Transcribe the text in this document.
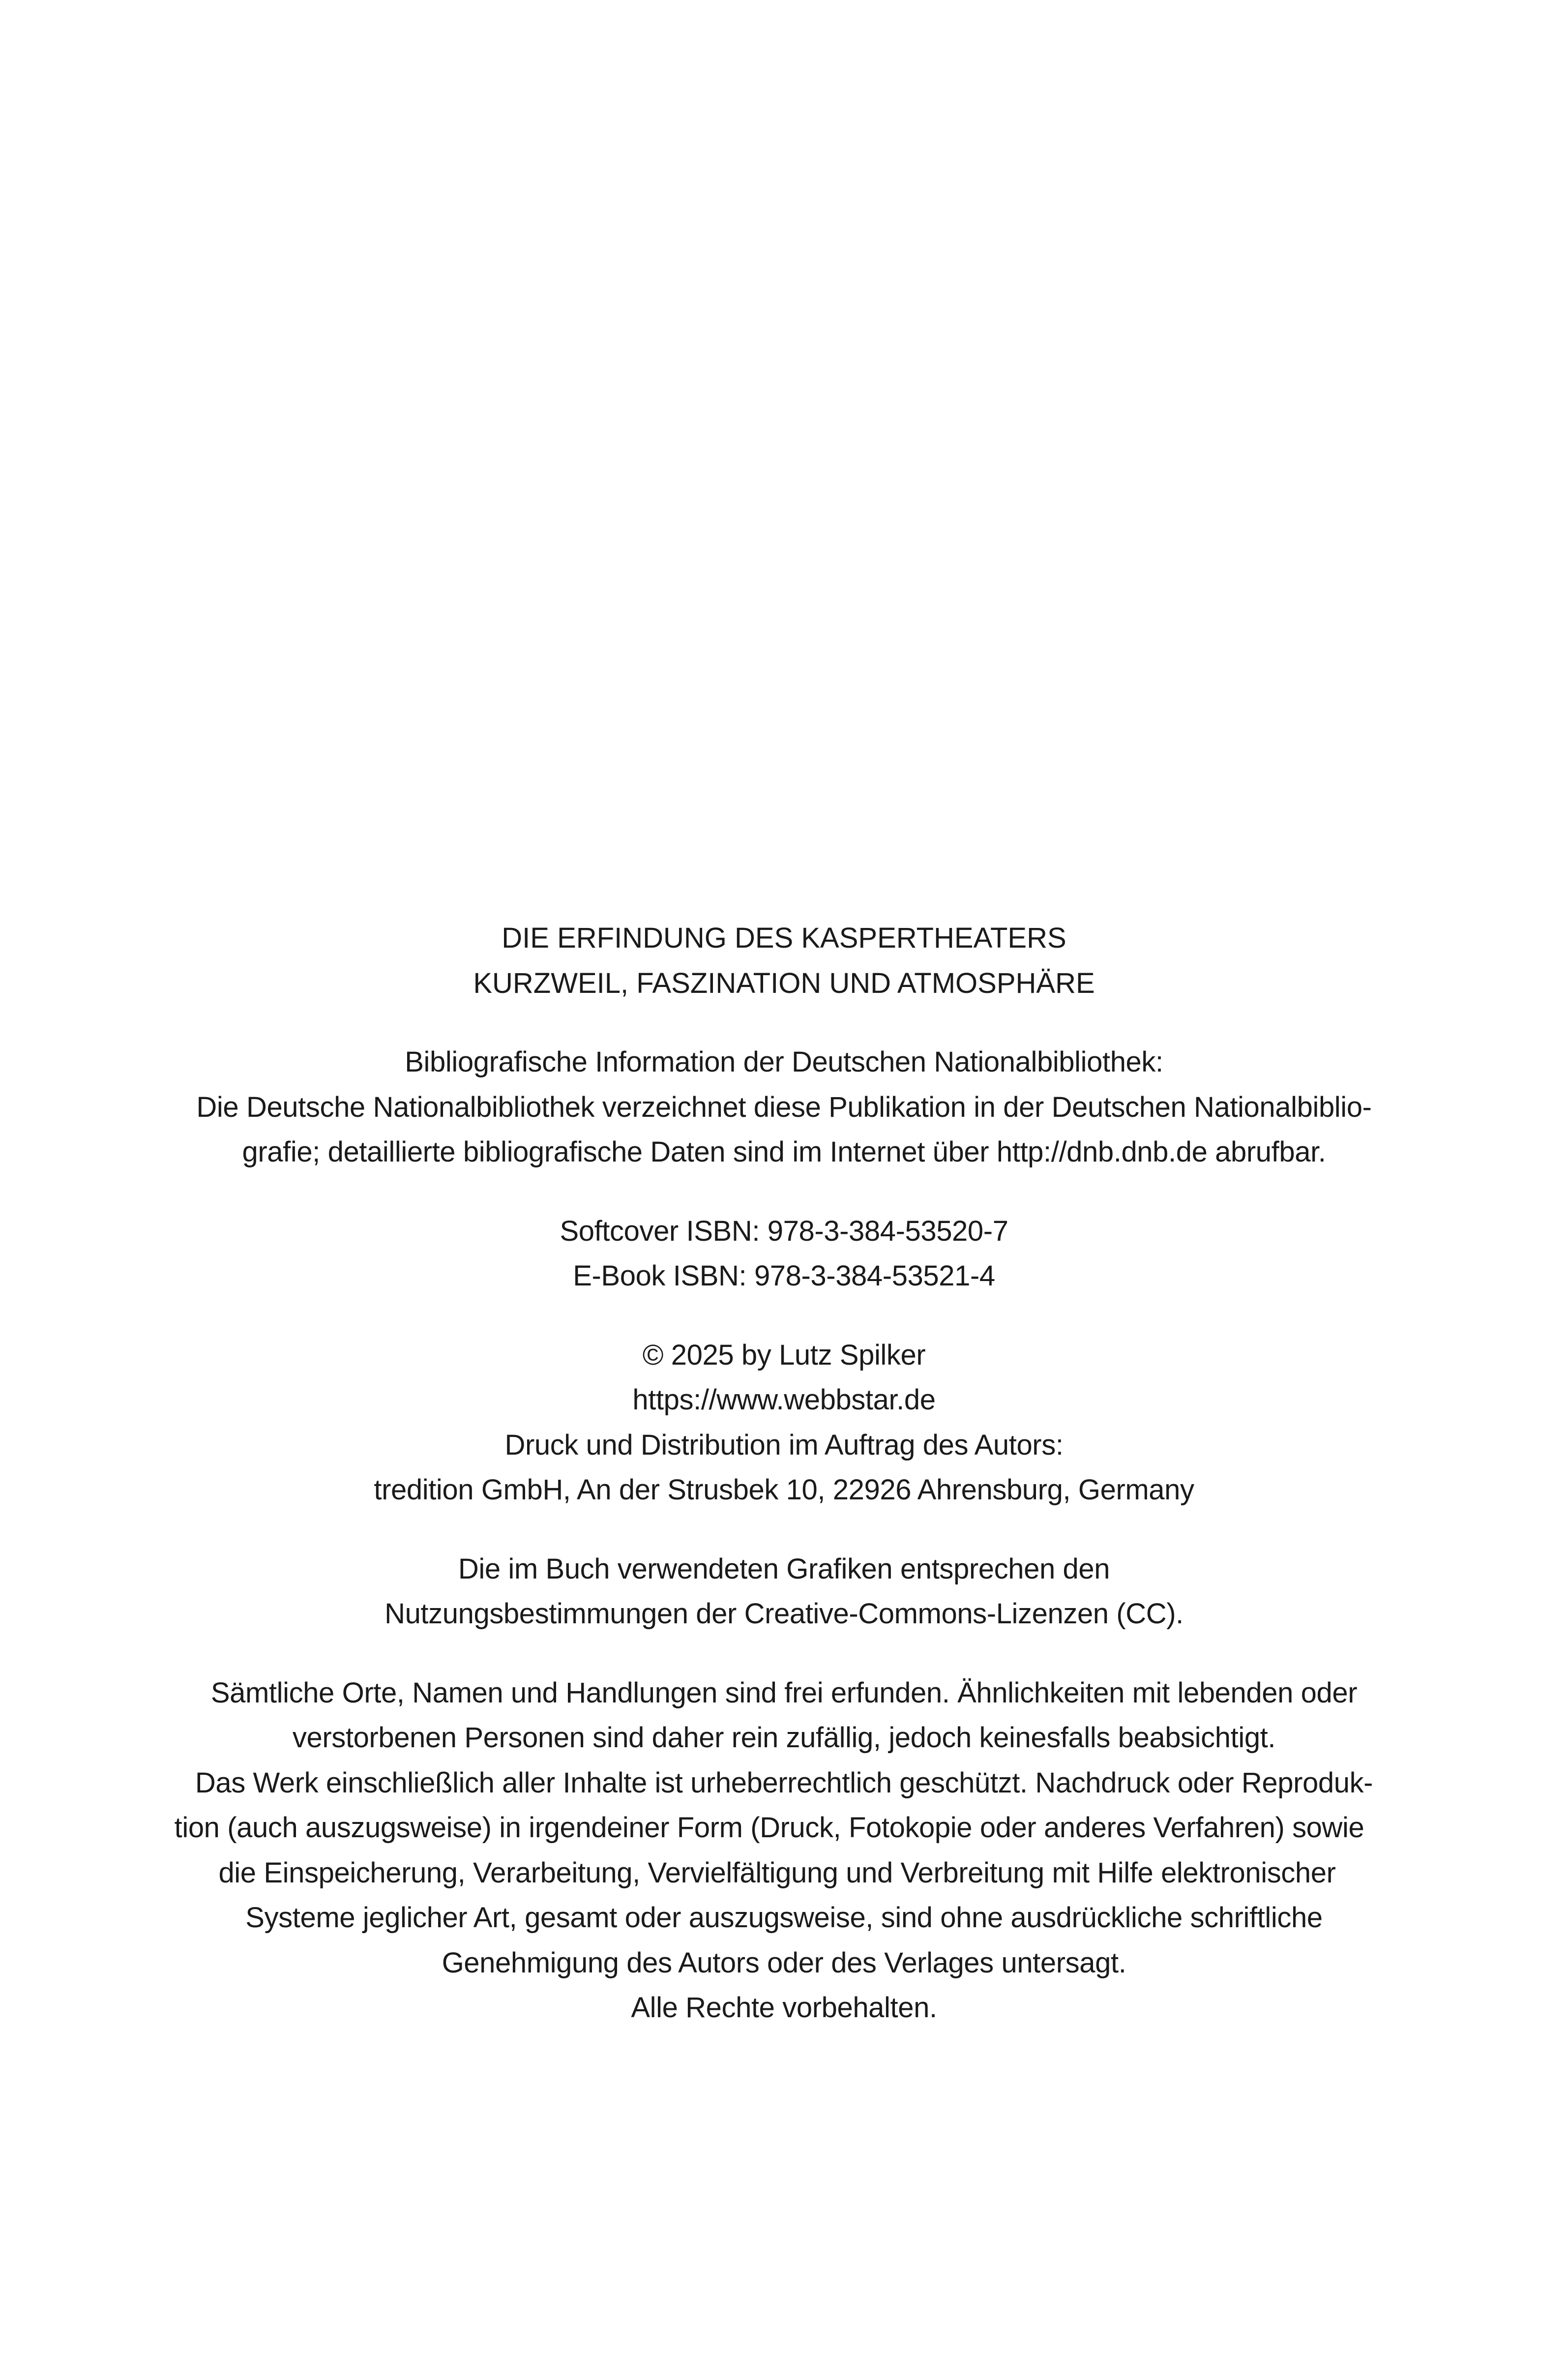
DIE ERFINDUNG DES KASPERTHEATERS
KURZWEIL, FASZINATION UND ATMOSPHÄRE
Bibliografische Information der Deutschen Nationalbibliothek:
Die Deutsche Nationalbibliothek verzeichnet diese Publikation in der Deutschen Nationalbiblio-
grafie; detaillierte bibliografische Daten sind im Internet über http://dnb.dnb.de abrufbar.
Softcover ISBN: 978-3-384-53520-7
E-Book ISBN: 978-3-384-53521-4
© 2025 by Lutz Spilker
https://www.webbstar.de
Druck und Distribution im Auftrag des Autors:
tredition GmbH, An der Strusbek 10, 22926 Ahrensburg, Germany
Die im Buch verwendeten Grafiken entsprechen den
Nutzungsbestimmungen der Creative-Commons-Lizenzen (CC).
Sämtliche Orte, Namen und Handlungen sind frei erfunden. Ähnlichkeiten mit lebenden oder
verstorbenen Personen sind daher rein zufällig, jedoch keinesfalls beabsichtigt.
Das Werk einschließlich aller Inhalte ist urheberrechtlich geschützt. Nachdruck oder Reproduk-
tion (auch auszugsweise) in irgendeiner Form (Druck, Fotokopie oder anderes Verfahren) sowie
die Einspeicherung, Verarbeitung, Vervielfältigung und Verbreitung mit Hilfe elektronischer
Systeme jeglicher Art, gesamt oder auszugsweise, sind ohne ausdrückliche schriftliche
Genehmigung des Autors oder des Verlages untersagt.
Alle Rechte vorbehalten.
